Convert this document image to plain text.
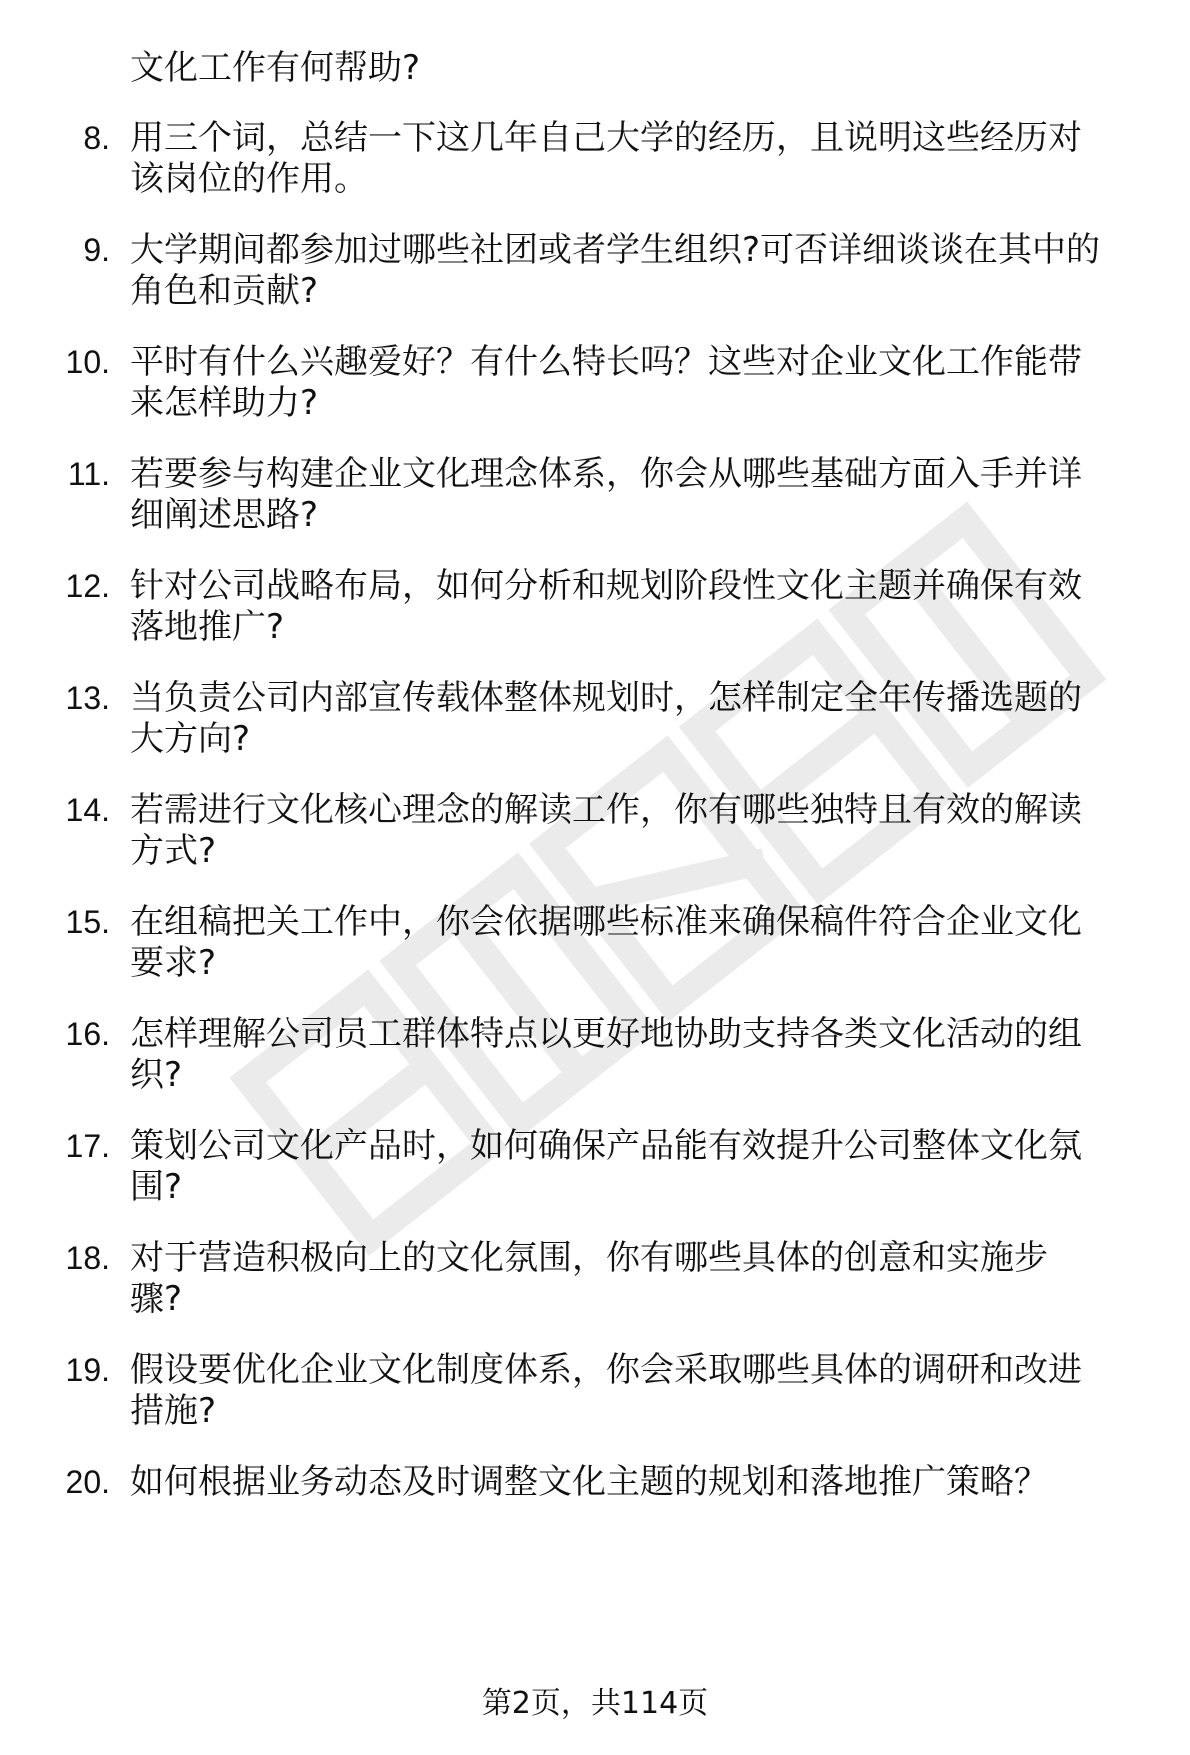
文化工作有何帮助?
8. 用三个词，总结一下这几年自己大学的经历，且说明这些经历对
该岗位的作用。
9. 大学期间都参加过哪些社团或者学生组织?可否详细谈谈在其中的
角色和贡献?
10. 平时有什么兴趣爱好？有什么特长吗？这些对企业文化工作能带
来怎样助力?
11. 若要参与构建企业文化理念体系，你会从哪些基础方面入手并详
细阐述思路?
12. 针对公司战略布局，如何分析和规划阶段性文化主题并确保有效
落地推广?
13. 当负责公司内部宣传载体整体规划时，怎样制定全年传播选题的
大方向?
14. 若需进行文化核心理念的解读工作，你有哪些独特且有效的解读
方式?
15. 在组稿把关工作中，你会依据哪些标准来确保稿件符合企业文化
要求?
16. 怎样理解公司员工群体特点以更好地协助支持各类文化活动的组
织?
17. 策划公司文化产品时，如何确保产品能有效提升公司整体文化氛
围?
18. 对于营造积极向上的文化氛围，你有哪些具体的创意和实施步
骤?
19. 假设要优化企业文化制度体系，你会采取哪些具体的调研和改进
措施?
20. 如何根据业务动态及时调整文化主题的规划和落地推广策略？
第2页，共114页
